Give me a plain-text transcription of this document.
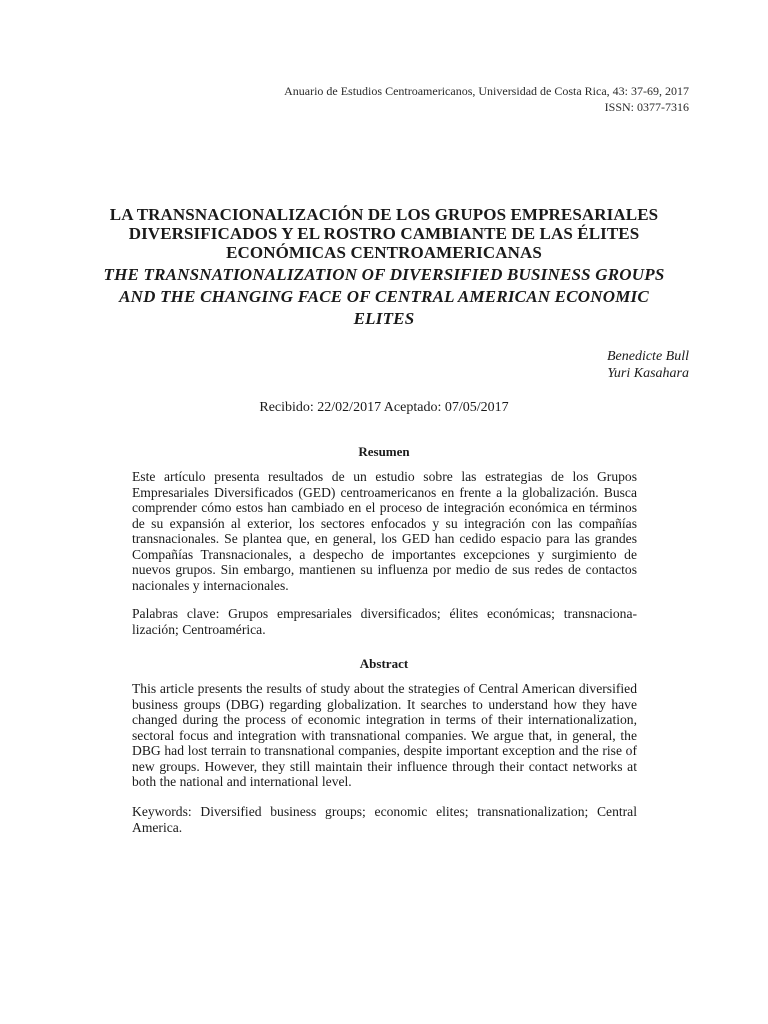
Anuario de Estudios Centroamericanos, Universidad de Costa Rica, 43: 37-69, 2017
ISSN: 0377-7316
LA TRANSNACIONALIZACIÓN DE LOS GRUPOS EMPRESARIALES
DIVERSIFICADOS Y EL ROSTRO CAMBIANTE DE LAS ÉLITES
ECONÓMICAS CENTROAMERICANAS
THE TRANSNATIONALIZATION OF DIVERSIFIED BUSINESS GROUPS
AND THE CHANGING FACE OF CENTRAL AMERICAN ECONOMIC
ELITES
Benedicte Bull
Yuri Kasahara
Recibido: 22/02/2017 Aceptado: 07/05/2017
Resumen

Este artículo presenta resultados de un estudio sobre las estrategias de los Grupos Empresariales Diversificados (GED) centroamericanos en frente a la globalización. Busca comprender cómo estos han cambiado en el proceso de integración económica en términos de su expansión al exterior, los sectores enfocados y su integración con las compañías transnacionales. Se plantea que, en general, los GED han cedido espacio para las grandes Compañías Transnacionales, a despecho de importantes excepciones y surgimiento de nuevos grupos. Sin embargo, mantienen su influenza por medio de sus redes de contactos nacionales y internacionales.

Palabras clave: Grupos empresariales diversificados; élites económicas; transnaciona-lización; Centroamérica.

Abstract

This article presents the results of study about the strategies of Central American diversified business groups (DBG) regarding globalization. It searches to understand how they have changed during the process of economic integration in terms of their internationalization, sectoral focus and integration with transnational companies. We argue that, in general, the DBG had lost terrain to transnational companies, despite important exception and the rise of new groups. However, they still maintain their influence through their contact networks at both the national and international level.

Keywords: Diversified business groups; economic elites; transnationalization; Central America.
